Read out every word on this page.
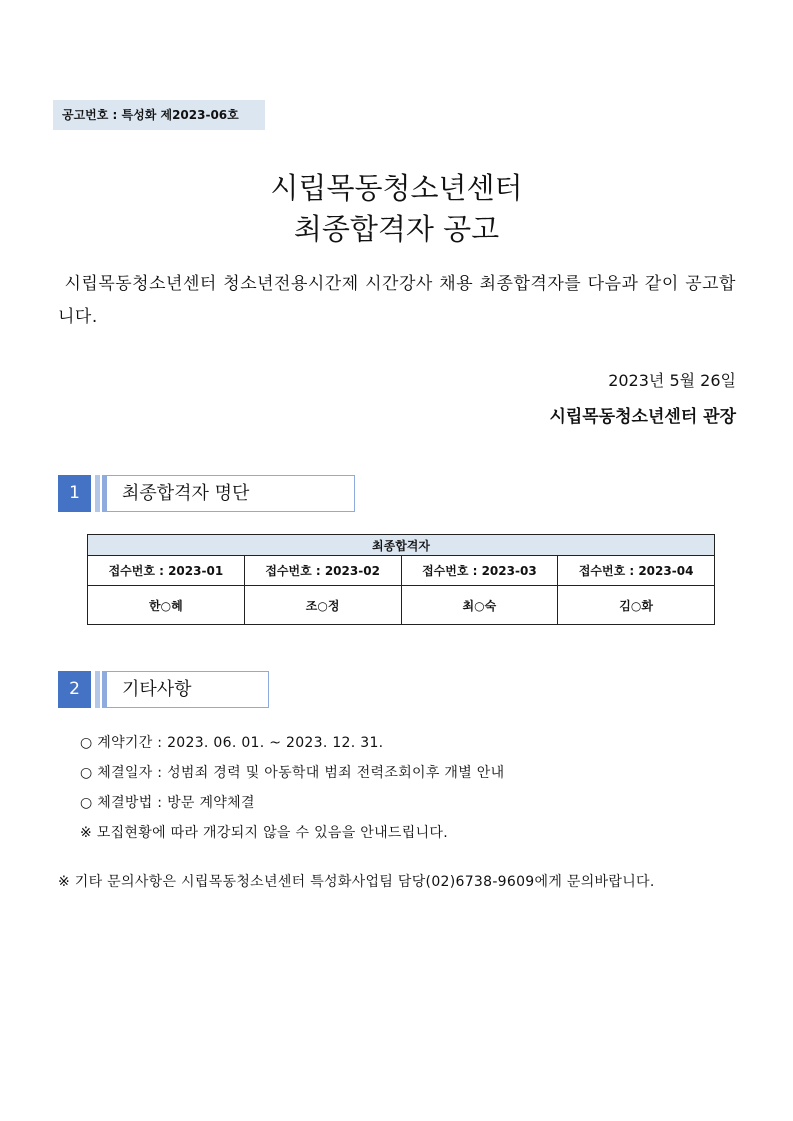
공고번호 : 특성화 제2023-06호
시립목동청소년센터
최종합격자 공고
시립목동청소년센터 청소년전용시간제 시간강사 채용 최종합격자를 다음과 같이 공고합니다.
2023년 5월 26일
시립목동청소년센터 관장
1	최종합격자 명단
최종합격자			
접수번호 : 2023-01	접수번호 : 2023-02	접수번호 : 2023-03	접수번호 : 2023-04
한○혜	조○정	최○숙	김○화
2	기타사항
○ 계약기간 : 2023. 06. 01. ~ 2023. 12. 31.
○ 체결일자 : 성범죄 경력 및 아동학대 범죄 전력조회이후 개별 안내
○ 체결방법 : 방문 계약체결
※ 모집현황에 따라 개강되지 않을 수 있음을 안내드립니다.
※ 기타 문의사항은 시립목동청소년센터 특성화사업팀 담당(02)6738-9609에게 문의바랍니다.
